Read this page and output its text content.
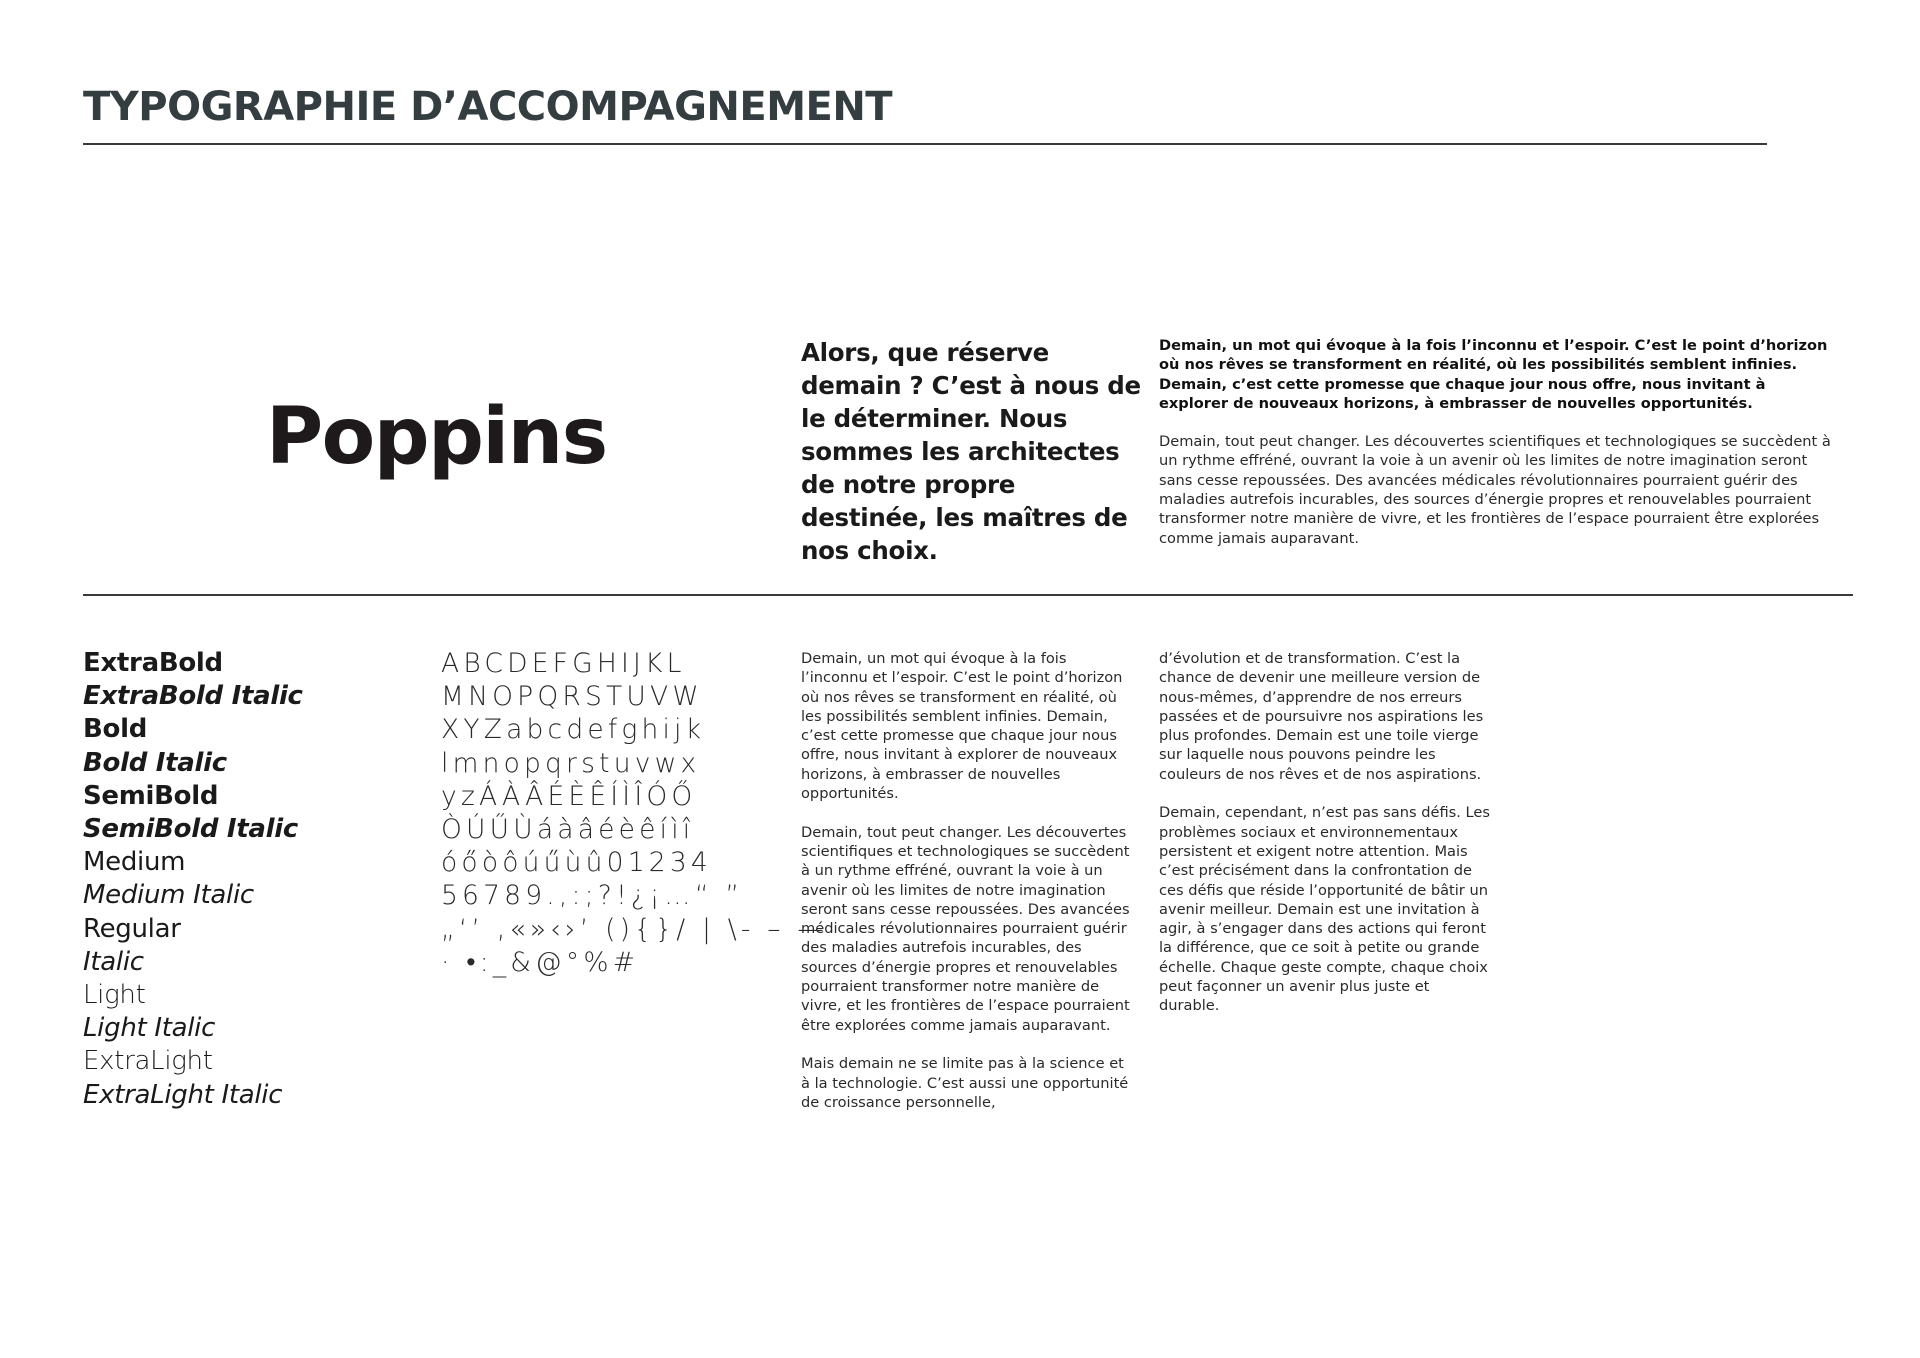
TYPOGRAPHIE D’ACCOMPAGNEMENT
Poppins

Alors, que réserve demain ? C’est à nous de le déterminer. Nous sommes les architectes de notre propre destinée, les maîtres de nos choix.

Demain, un mot qui évoque à la fois l’inconnu et l’espoir. C’est le point d’horizon où nos rêves se transforment en réalité, où les possibilités semblent infinies. Demain, c’est cette promesse que chaque jour nous offre, nous invitant à explorer de nouveaux horizons, à embrasser de nouvelles opportunités.

Demain, tout peut changer. Les découvertes scientifiques et technologiques se succèdent à un rythme effréné, ouvrant la voie à un avenir où les limites de notre imagination seront sans cesse repoussées. Des avancées médicales révolutionnaires pourraient guérir des maladies autrefois incurables, des sources d’énergie propres et renouvelables pourraient transformer notre manière de vivre, et les frontières de l’espace pourraient être explorées comme jamais auparavant.

ExtraBold
ExtraBold Italic
Bold
Bold Italic
SemiBold
SemiBold Italic
Medium
Medium Italic
Regular
Italic
Light
Light Italic
ExtraLight
ExtraLight Italic
ABCDEFGHIJKL
MNOPQRSTUVW
XYZabcdefghijk
lmnopqrstuvwx
yzÁÀÂÉÈÊÍÌÎÓŐ
ÒÚŰÙáàâéèêíìî
óőòôúűùû01234
56789.,:;?!¿¡…“ ”
„‘’ ‚«»‹›’ (){}/ | \- – —
· •:_&@°%#

Demain, un mot qui évoque à la fois l’inconnu et l’espoir. C’est le point d’horizon où nos rêves se transforment en réalité, où les possibilités semblent infinies. Demain, c’est cette promesse que chaque jour nous offre, nous invitant à explorer de nouveaux horizons, à embrasser de nouvelles opportunités.

Demain, tout peut changer. Les découvertes scientifiques et technologiques se succèdent à un rythme effréné, ouvrant la voie à un avenir où les limites de notre imagination seront sans cesse repoussées. Des avancées médicales révolutionnaires pourraient guérir des maladies autrefois incurables, des sources d’énergie propres et renouvelables pourraient transformer notre manière de vivre, et les frontières de l’espace pourraient être explorées comme jamais auparavant.

Mais demain ne se limite pas à la science et à la technologie. C’est aussi une opportunité de croissance personnelle,

d’évolution et de transformation. C’est la chance de devenir une meilleure version de nous-mêmes, d’apprendre de nos erreurs passées et de poursuivre nos aspirations les plus profondes. Demain est une toile vierge sur laquelle nous pouvons peindre les couleurs de nos rêves et de nos aspirations.

Demain, cependant, n’est pas sans défis. Les problèmes sociaux et environnementaux persistent et exigent notre attention. Mais c’est précisément dans la confrontation de ces défis que réside l’opportunité de bâtir un avenir meilleur. Demain est une invitation à agir, à s’engager dans des actions qui feront la différence, que ce soit à petite ou grande échelle. Chaque geste compte, chaque choix peut façonner un avenir plus juste et durable.
